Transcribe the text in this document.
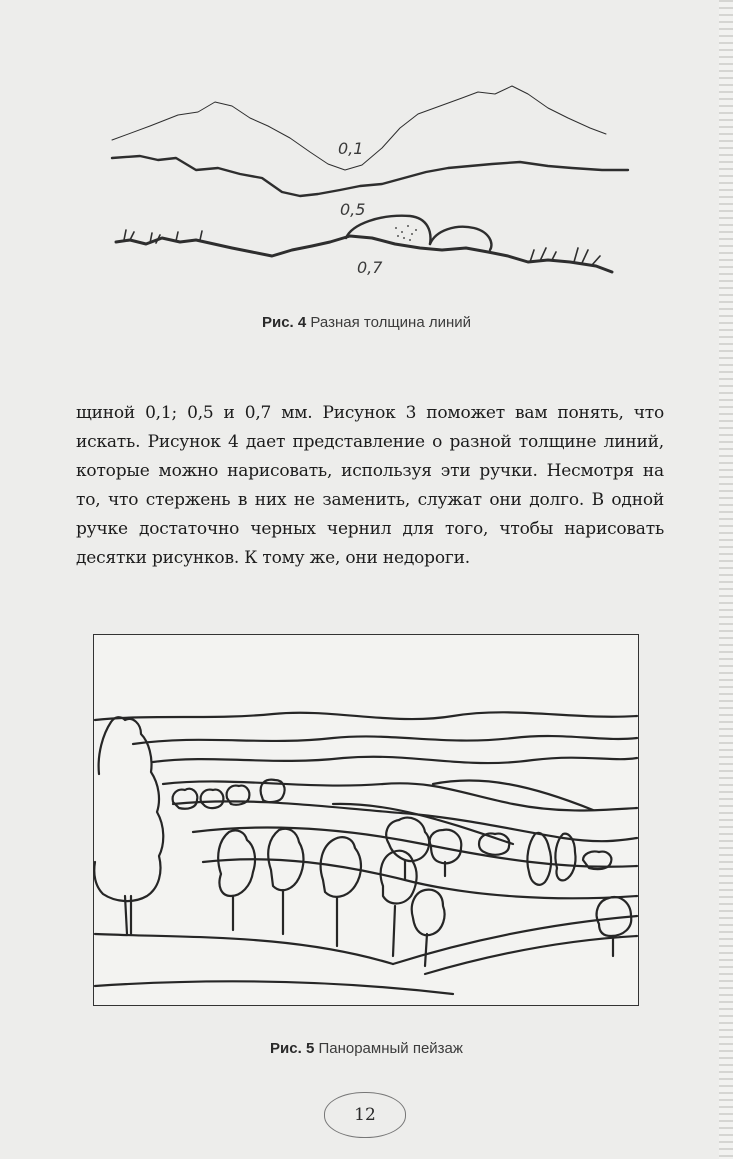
0,1
0,5
0,7
Рис. 4 Разная толщина линий

щиной 0,1; 0,5 и 0,7 мм. Рисунок 3 поможет вам понять, что искать. Рисунок 4 дает представление о разной толщине линий, которые можно нарисовать, используя эти ручки. Несмотря на то, что стержень в них не заменить, служат они долго. В одной ручке достаточно черных чернил для того, чтобы нарисовать десятки рисунков. К тому же, они недороги.

Рис. 5 Панорамный пейзаж
12
